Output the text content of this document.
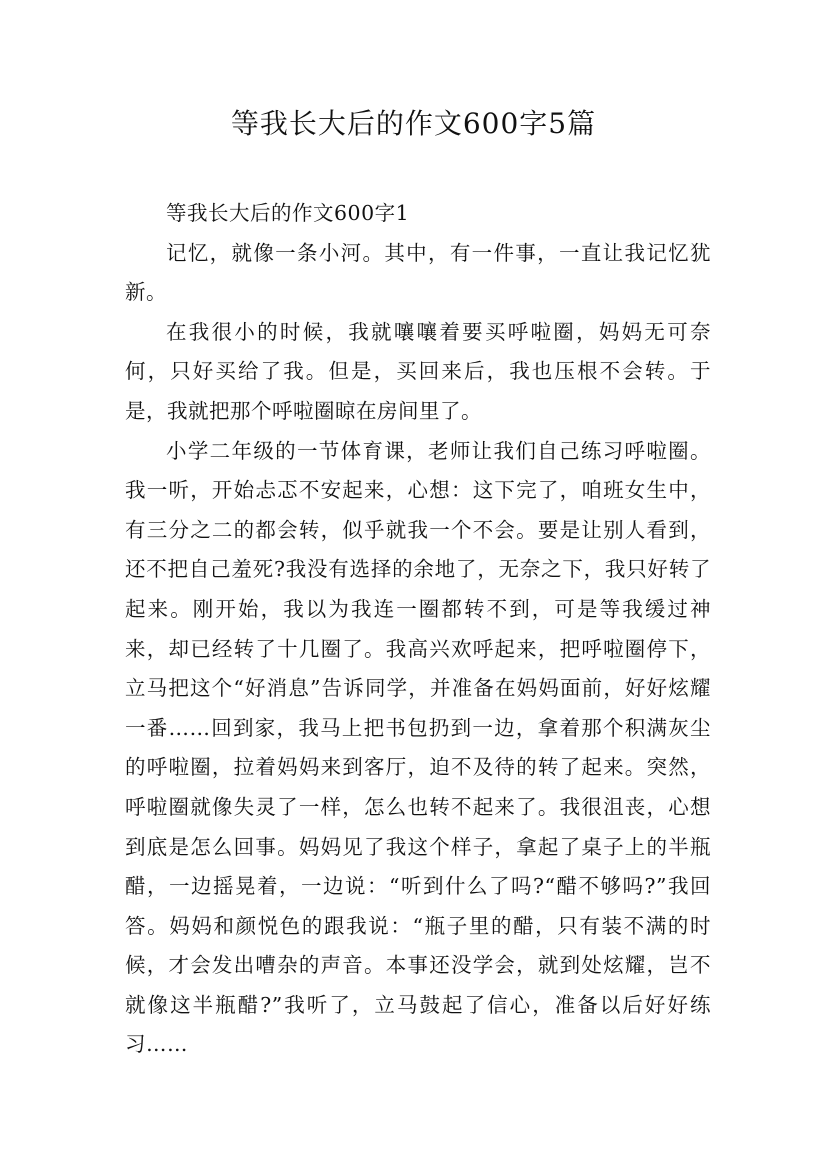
等我长大后的作文600字5篇
等我长大后的作文600字1

记忆，就像一条小河。其中，有一件事，一直让我记忆犹新。

在我很小的时候，我就嚷嚷着要买呼啦圈，妈妈无可奈何，只好买给了我。但是，买回来后，我也压根不会转。于是，我就把那个呼啦圈晾在房间里了。

小学二年级的一节体育课，老师让我们自己练习呼啦圈。我一听，开始忐忑不安起来，心想：这下完了，咱班女生中，有三分之二的都会转，似乎就我一个不会。要是让别人看到，还不把自己羞死?我没有选择的余地了，无奈之下，我只好转了起来。刚开始，我以为我连一圈都转不到，可是等我缓过神来，却已经转了十几圈了。我高兴欢呼起来，把呼啦圈停下，立马把这个“好消息”告诉同学，并准备在妈妈面前，好好炫耀一番……回到家，我马上把书包扔到一边，拿着那个积满灰尘的呼啦圈，拉着妈妈来到客厅，迫不及待的转了起来。突然，呼啦圈就像失灵了一样，怎么也转不起来了。我很沮丧，心想到底是怎么回事。妈妈见了我这个样子，拿起了桌子上的半瓶醋，一边摇晃着，一边说：“听到什么了吗?“醋不够吗?”我回答。妈妈和颜悦色的跟我说：“瓶子里的醋，只有装不满的时候，才会发出嘈杂的声音。本事还没学会，就到处炫耀，岂不就像这半瓶醋?”我听了，立马鼓起了信心，准备以后好好练习……
